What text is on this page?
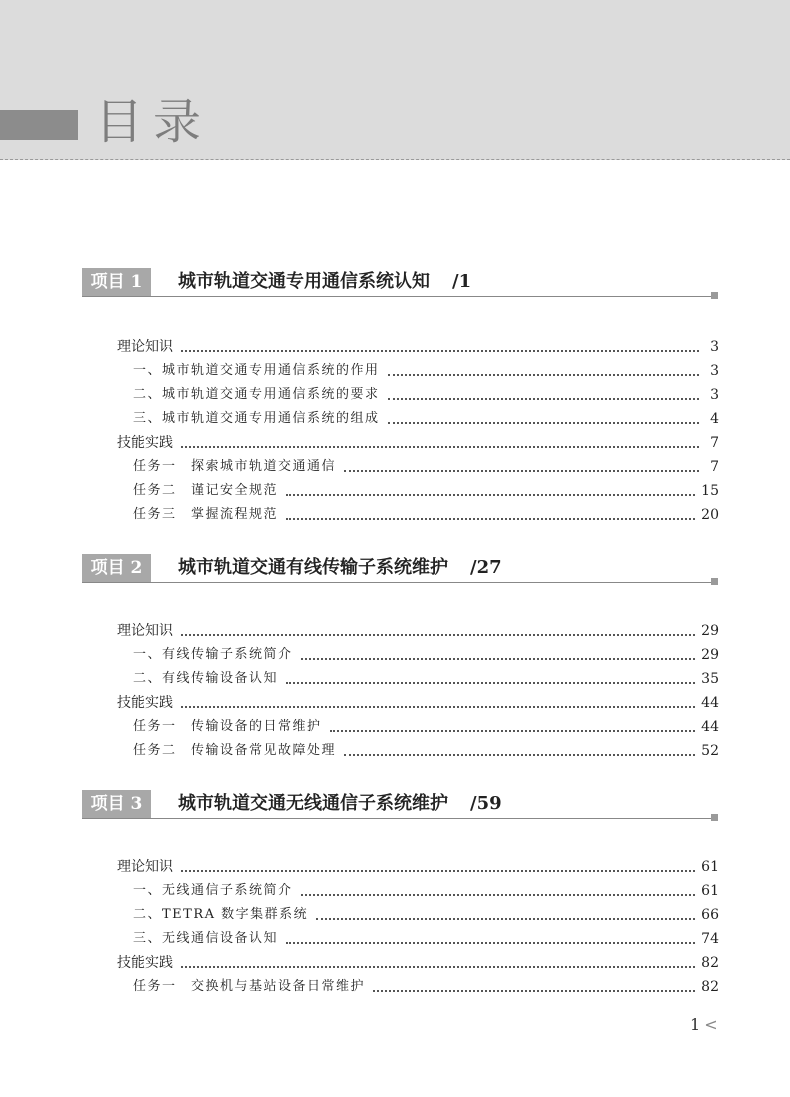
目录
项目 1	城市轨道交通专用通信系统认知 /1
理论知识	3
一、城市轨道交通专用通信系统的作用	3
二、城市轨道交通专用通信系统的要求	3
三、城市轨道交通专用通信系统的组成	4
技能实践	7
任务一　探索城市轨道交通通信	7
任务二　谨记安全规范	15
任务三　掌握流程规范	20
项目 2	城市轨道交通有线传输子系统维护 /27
理论知识	29
一、有线传输子系统简介	29
二、有线传输设备认知	35
技能实践	44
任务一　传输设备的日常维护	44
任务二　传输设备常见故障处理	52
项目 3	城市轨道交通无线通信子系统维护 /59
理论知识	61
一、无线通信子系统简介	61
二、TETRA 数字集群系统	66
三、无线通信设备认知	74
技能实践	82
任务一　交换机与基站设备日常维护	82
1 <
